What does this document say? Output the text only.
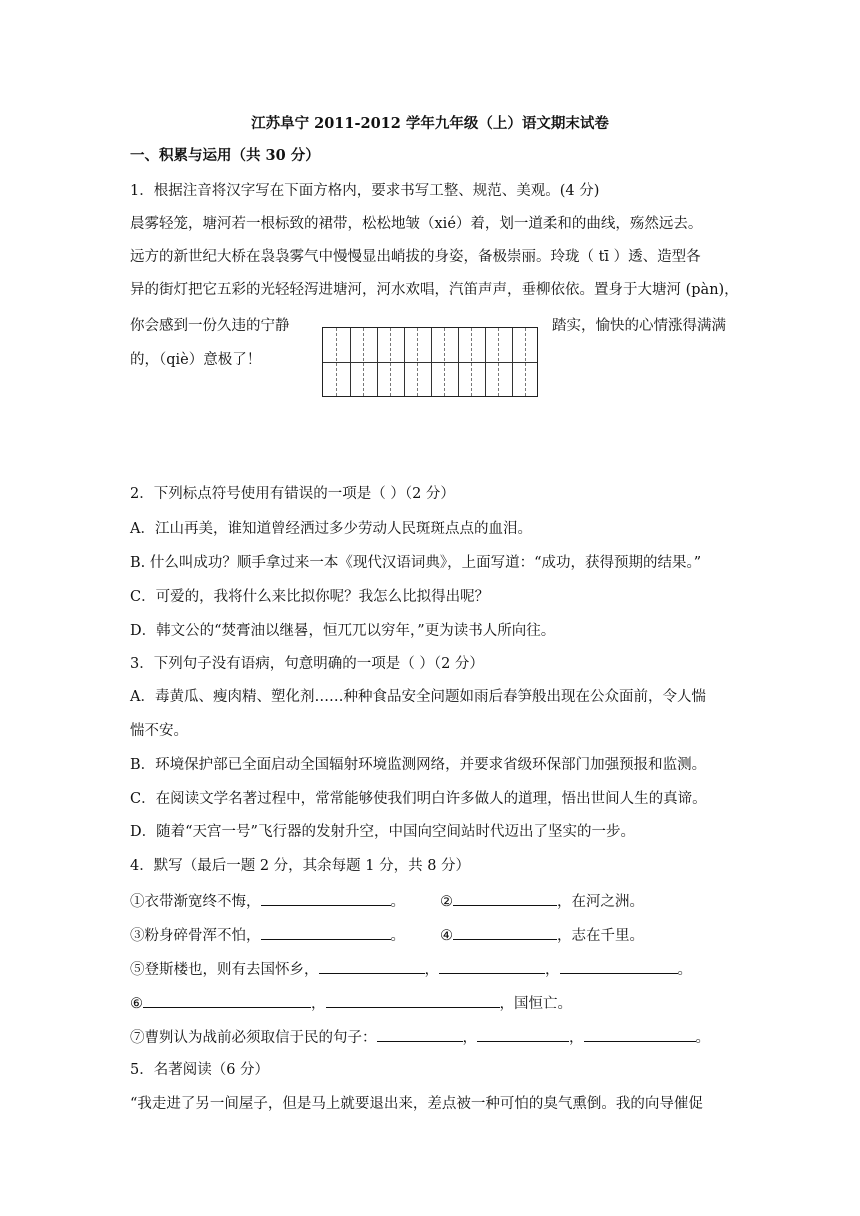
江苏阜宁 2011-2012 学年九年级（上）语文期末试卷
一、积累与运用（共 30 分）
1．根据注音将汉字写在下面方格内，要求书写工整、规范、美观。(4 分)
晨雾轻笼，塘河若一根标致的裙带，松松地皱（xié）着，划一道柔和的曲线，殇然远去。
远方的新世纪大桥在袅袅雾气中慢慢显出峭拔的身姿，备极崇丽。玲珑（ tī ）透、造型各
异的街灯把它五彩的光轻轻泻进塘河，河水欢唱，汽笛声声，垂柳依依。置身于大塘河 (pàn)，
你会感到一份久违的宁静	踏实，愉快的心情涨得满满
的，（qiè）意极了！
2．下列标点符号使用有错误的一项是（ ）（2 分）
A．江山再美，谁知道曾经洒过多少劳动人民斑斑点点的血泪。
B. 什么叫成功？顺手拿过来一本《现代汉语词典》，上面写道：“成功，获得预期的结果。”
C．可爱的，我将什么来比拟你呢？我怎么比拟得出呢？
D．韩文公的“焚膏油以继晷，恒兀兀以穷年，”更为读书人所向往。
3．下列句子没有语病，句意明确的一项是（ ）（2 分）
A．毒黄瓜、瘦肉精、塑化剂……种种食品安全问题如雨后春笋般出现在公众面前，令人惴
惴不安。
B．环境保护部已全面启动全国辐射环境监测网络，并要求省级环保部门加强预报和监测。
C．在阅读文学名著过程中，常常能够使我们明白许多做人的道理，悟出世间人生的真谛。
D．随着“天宫一号”飞行器的发射升空，中国向空间站时代迈出了坚实的一步。
4．默写（最后一题 2 分，其余每题 1 分，共 8 分）
①衣带渐宽终不悔，	。 ②	，在河之洲。
③粉身碎骨浑不怕，	。 ④	，志在千里。
⑤登斯楼也，则有去国怀乡，	，	，	。
⑥	，	，国恒亡。
⑦曹刿认为战前必须取信于民的句子：	，	，	。
5．名著阅读（6 分）
“我走进了另一间屋子，但是马上就要退出来，差点被一种可怕的臭气熏倒。我的向导催促
